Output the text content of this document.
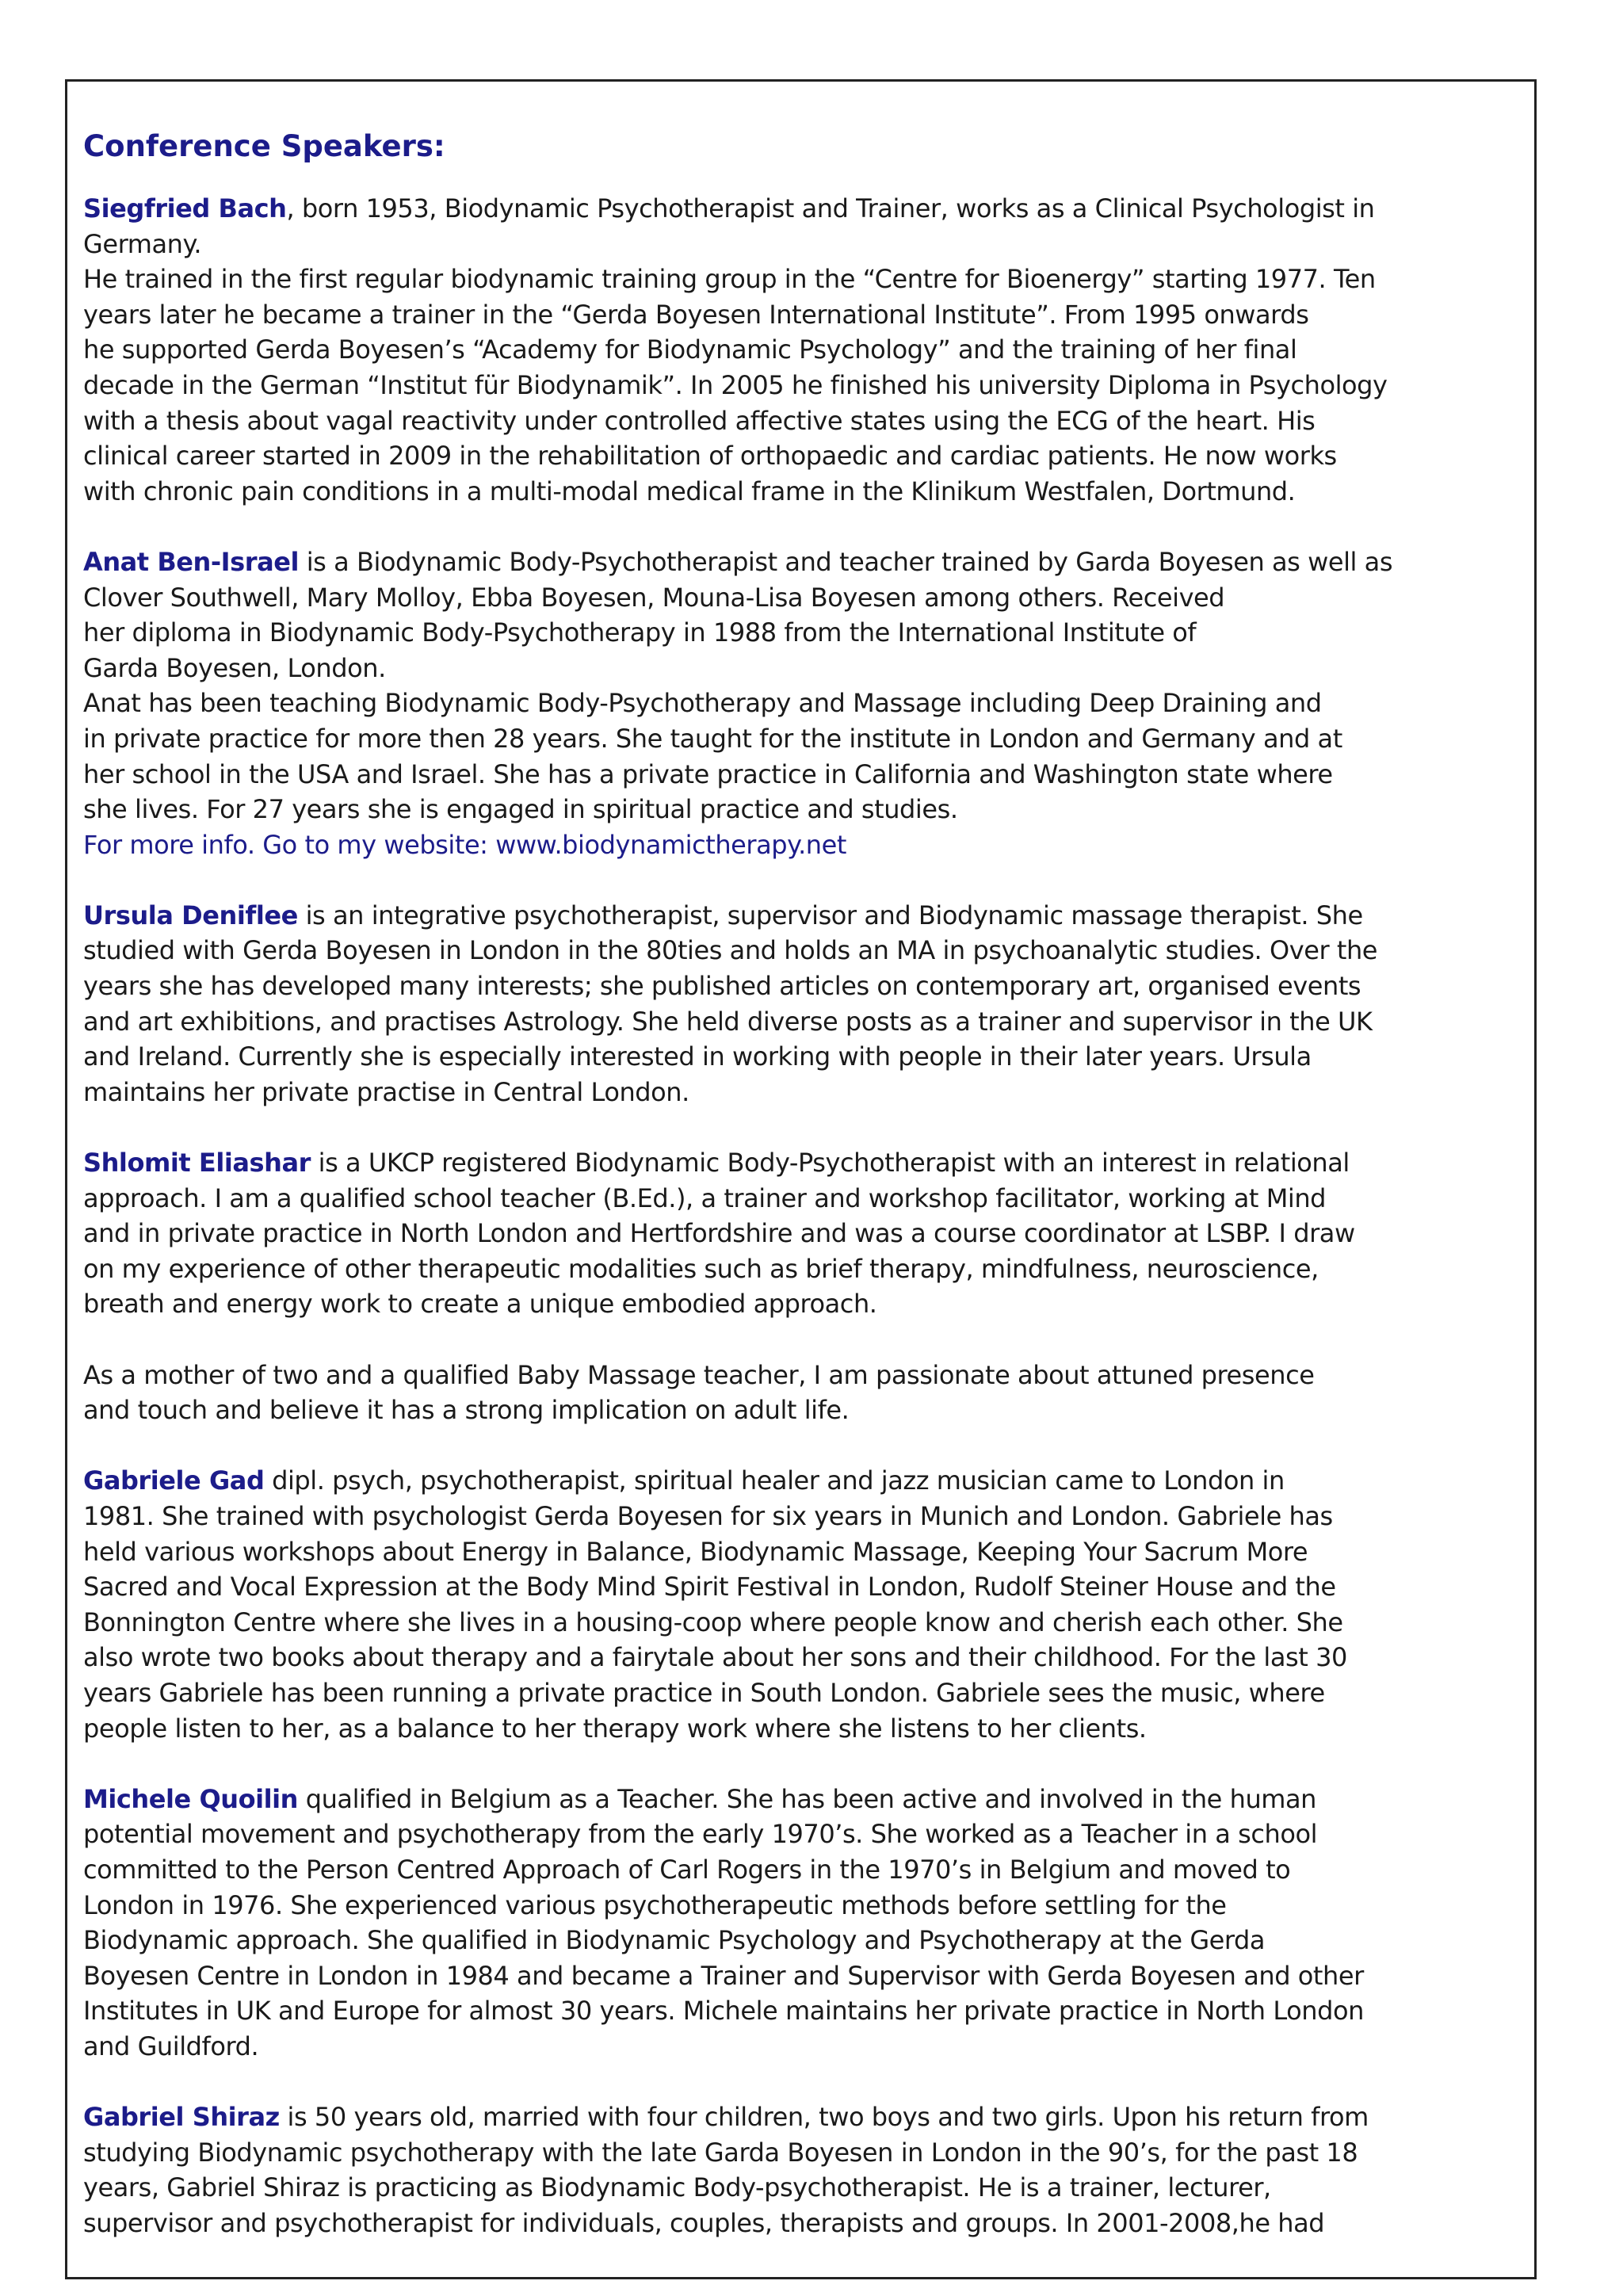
Conference Speakers:

Siegfried Bach, born 1953, Biodynamic Psychotherapist and Trainer, works as a Clinical Psychologist in

Germany.

He trained in the first regular biodynamic training group in the “Centre for Bioenergy” starting 1977. Ten

years later he became a trainer in the “Gerda Boyesen International Institute”. From 1995 onwards

he supported Gerda Boyesen’s “Academy for Biodynamic Psychology” and the training of her final

decade in the German “Institut für Biodynamik”. In 2005 he finished his university Diploma in Psychology

with a thesis about vagal reactivity under controlled affective states using the ECG of the heart. His

clinical career started in 2009 in the rehabilitation of orthopaedic and cardiac patients. He now works

with chronic pain conditions in a multi-modal medical frame in the Klinikum Westfalen, Dortmund.

Anat Ben-Israel is a Biodynamic Body-Psychotherapist and teacher trained by Garda Boyesen as well as

Clover Southwell, Mary Molloy, Ebba Boyesen, Mouna-Lisa Boyesen among others. Received

her diploma in Biodynamic Body-Psychotherapy in 1988 from the International Institute of

Garda Boyesen, London.

Anat has been teaching Biodynamic Body-Psychotherapy and Massage including Deep Draining and

in private practice for more then 28 years. She taught for the institute in London and Germany and at

her school in the USA and Israel. She has a private practice in California and Washington state where

she lives. For 27 years she is engaged in spiritual practice and studies.

For more info. Go to my website: www.biodynamictherapy.net

Ursula Deniflee is an integrative psychotherapist, supervisor and Biodynamic massage therapist. She

studied with Gerda Boyesen in London in the 80ties and holds an MA in psychoanalytic studies. Over the

years she has developed many interests; she published articles on contemporary art, organised events

and art exhibitions, and practises Astrology. She held diverse posts as a trainer and supervisor in the UK

and Ireland. Currently she is especially interested in working with people in their later years. Ursula

maintains her private practise in Central London.

Shlomit Eliashar is a UKCP registered Biodynamic Body-Psychotherapist with an interest in relational

approach. I am a qualified school teacher (B.Ed.), a trainer and workshop facilitator, working at Mind

and in private practice in North London and Hertfordshire and was a course coordinator at LSBP. I draw

on my experience of other therapeutic modalities such as brief therapy, mindfulness, neuroscience,

breath and energy work to create a unique embodied approach.

As a mother of two and a qualified Baby Massage teacher, I am passionate about attuned presence

and touch and believe it has a strong implication on adult life.

Gabriele Gad dipl. psych, psychotherapist, spiritual healer and jazz musician came to London in

1981. She trained with psychologist Gerda Boyesen for six years in Munich and London. Gabriele has

held various workshops about Energy in Balance, Biodynamic Massage, Keeping Your Sacrum More

Sacred and Vocal Expression at the Body Mind Spirit Festival in London, Rudolf Steiner House and the

Bonnington Centre where she lives in a housing-coop where people know and cherish each other. She

also wrote two books about therapy and a fairytale about her sons and their childhood. For the last 30

years Gabriele has been running a private practice in South London. Gabriele sees the music, where

people listen to her, as a balance to her therapy work where she listens to her clients.

Michele Quoilin qualified in Belgium as a Teacher. She has been active and involved in the human

potential movement and psychotherapy from the early 1970’s. She worked as a Teacher in a school

committed to the Person Centred Approach of Carl Rogers in the 1970’s in Belgium and moved to

London in 1976. She experienced various psychotherapeutic methods before settling for the

Biodynamic approach. She qualified in Biodynamic Psychology and Psychotherapy at the Gerda

Boyesen Centre in London in 1984 and became a Trainer and Supervisor with Gerda Boyesen and other

Institutes in UK and Europe for almost 30 years. Michele maintains her private practice in North London

and Guildford.

Gabriel Shiraz is 50 years old, married with four children, two boys and two girls. Upon his return from

studying Biodynamic psychotherapy with the late Garda Boyesen in London in the 90’s, for the past 18

years, Gabriel Shiraz is practicing as Biodynamic Body-psychotherapist. He is a trainer, lecturer,

supervisor and psychotherapist for individuals, couples, therapists and groups. In 2001-2008,he had
